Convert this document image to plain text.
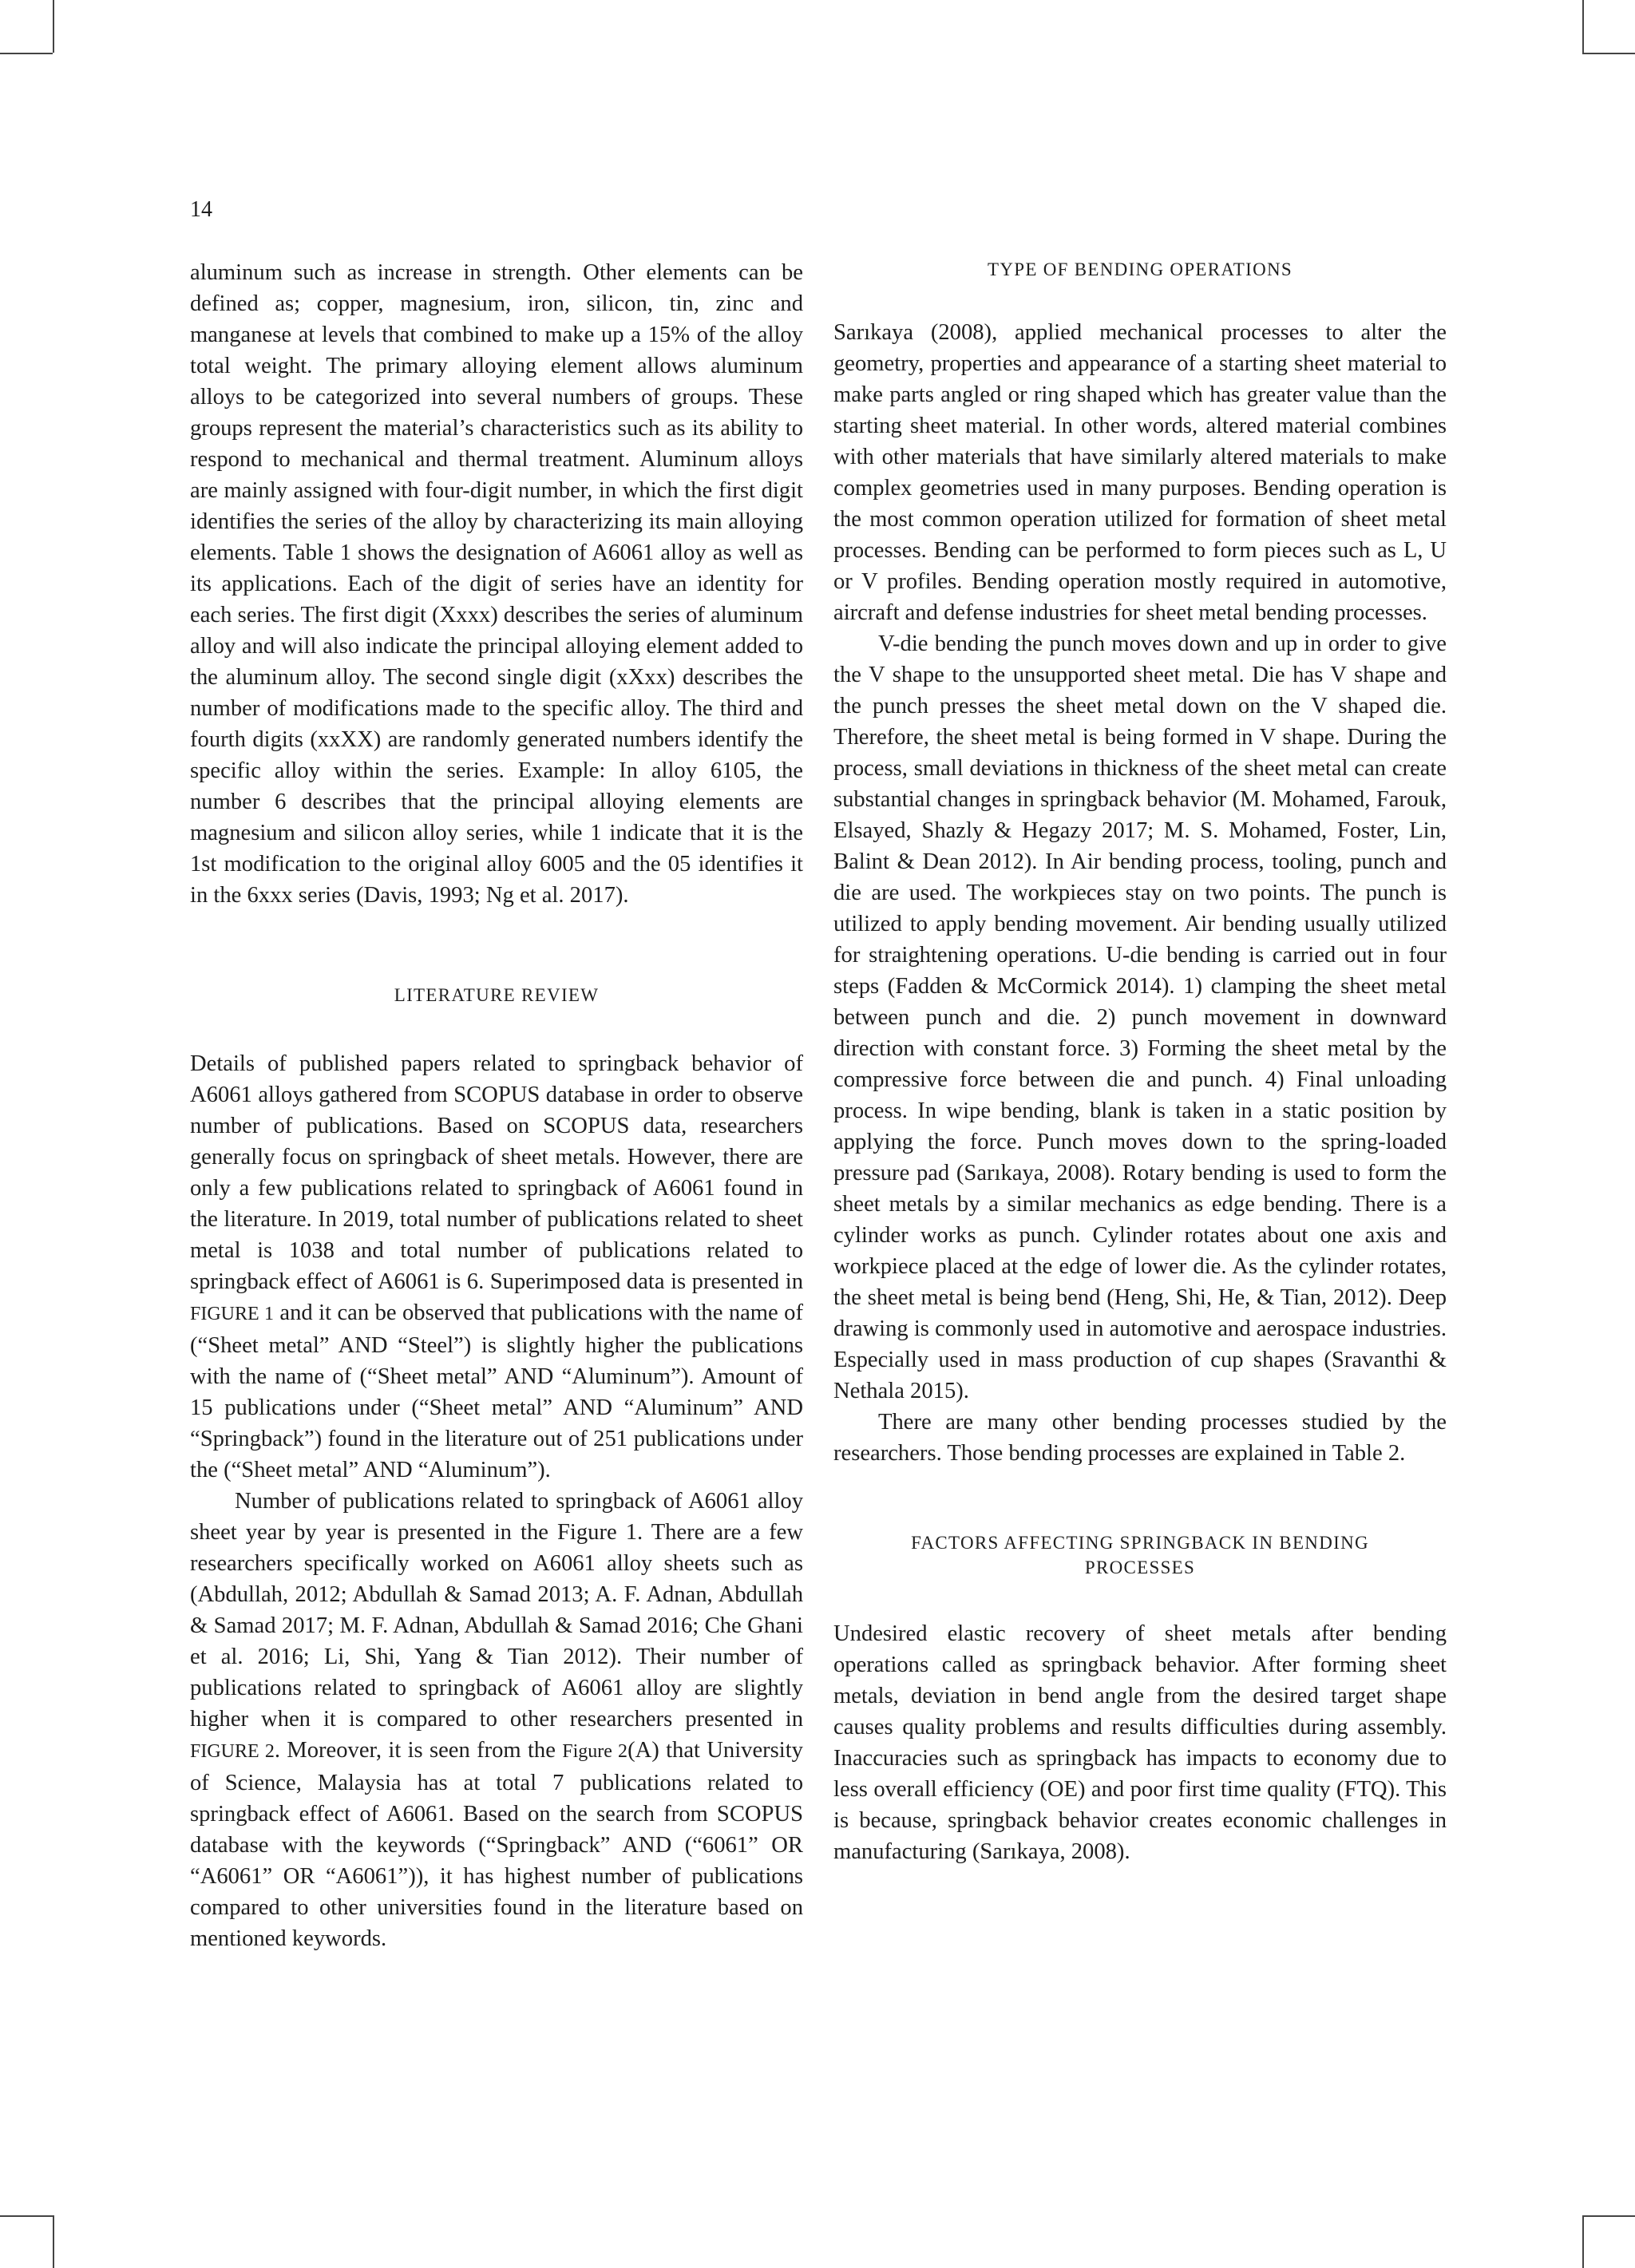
14

aluminum such as increase in strength. Other elements can be defined as; copper, magnesium, iron, silicon, tin, zinc and manganese at levels that combined to make up a 15% of the alloy total weight. The primary alloying element allows aluminum alloys to be categorized into several numbers of groups. These groups represent the material’s characteristics such as its ability to respond to mechanical and thermal treatment. Aluminum alloys are mainly assigned with four-digit number, in which the first digit identifies the series of the alloy by characterizing its main alloying elements. Table 1 shows the designation of A6061 alloy as well as its applications. Each of the digit of series have an identity for each series. The first digit (Xxxx) describes the series of aluminum alloy and will also indicate the principal alloying element added to the aluminum alloy. The second single digit (xXxx) describes the number of modifications made to the specific alloy. The third and fourth digits (xxXX) are randomly generated numbers identify the specific alloy within the series. Example: In alloy 6105, the number 6 describes that the principal alloying elements are magnesium and silicon alloy series, while 1 indicate that it is the 1st modification to the original alloy 6005 and the 05 identifies it in the 6xxx series (Davis, 1993; Ng et al. 2017).

LITERATURE REVIEW

Details of published papers related to springback behavior of A6061 alloys gathered from SCOPUS database in order to observe number of publications. Based on SCOPUS data, researchers generally focus on springback of sheet metals. However, there are only a few publications related to springback of A6061 found in the literature. In 2019, total number of publications related to sheet metal is 1038 and total number of publications related to springback effect of A6061 is 6. Superimposed data is presented in FIGURE 1 and it can be observed that publications with the name of (“Sheet metal” AND “Steel”) is slightly higher the publications with the name of (“Sheet metal” AND “Aluminum”). Amount of 15 publications under (“Sheet metal” AND “Aluminum” AND “Springback”) found in the literature out of 251 publications under the (“Sheet metal” AND “Aluminum”).

Number of publications related to springback of A6061 alloy sheet year by year is presented in the Figure 1. There are a few researchers specifically worked on A6061 alloy sheets such as (Abdullah, 2012; Abdullah & Samad 2013; A. F. Adnan, Abdullah & Samad 2017; M. F. Adnan, Abdullah & Samad 2016; Che Ghani et al. 2016; Li, Shi, Yang & Tian 2012). Their number of publications related to springback of A6061 alloy are slightly higher when it is compared to other researchers presented in FIGURE 2. Moreover, it is seen from the Figure 2(A) that University of Science, Malaysia has at total 7 publications related to springback effect of A6061. Based on the search from SCOPUS database with the keywords (“Springback” AND (“6061” OR “A6061” OR “A6061”)), it has highest number of publications compared to other universities found in the literature based on mentioned keywords.

TYPE OF BENDING OPERATIONS

Sarıkaya (2008), applied mechanical processes to alter the geometry, properties and appearance of a starting sheet material to make parts angled or ring shaped which has greater value than the starting sheet material. In other words, altered material combines with other materials that have similarly altered materials to make complex geometries used in many purposes. Bending operation is the most common operation utilized for formation of sheet metal processes. Bending can be performed to form pieces such as L, U or V profiles. Bending operation mostly required in automotive, aircraft and defense industries for sheet metal bending processes.

V-die bending the punch moves down and up in order to give the V shape to the unsupported sheet metal. Die has V shape and the punch presses the sheet metal down on the V shaped die. Therefore, the sheet metal is being formed in V shape. During the process, small deviations in thickness of the sheet metal can create substantial changes in springback behavior (M. Mohamed, Farouk, Elsayed, Shazly & Hegazy 2017; M. S. Mohamed, Foster, Lin, Balint & Dean 2012). In Air bending process, tooling, punch and die are used. The workpieces stay on two points. The punch is utilized to apply bending movement. Air bending usually utilized for straightening operations. U-die bending is carried out in four steps (Fadden & McCormick 2014). 1) clamping the sheet metal between punch and die. 2) punch movement in downward direction with constant force. 3) Forming the sheet metal by the compressive force between die and punch. 4) Final unloading process. In wipe bending, blank is taken in a static position by applying the force. Punch moves down to the spring-loaded pressure pad (Sarıkaya, 2008). Rotary bending is used to form the sheet metals by a similar mechanics as edge bending. There is a cylinder works as punch. Cylinder rotates about one axis and workpiece placed at the edge of lower die. As the cylinder rotates, the sheet metal is being bend (Heng, Shi, He, & Tian, 2012). Deep drawing is commonly used in automotive and aerospace industries. Especially used in mass production of cup shapes (Sravanthi & Nethala 2015).

There are many other bending processes studied by the researchers. Those bending processes are explained in Table 2.

FACTORS AFFECTING SPRINGBACK IN BENDING
PROCESSES

Undesired elastic recovery of sheet metals after bending operations called as springback behavior. After forming sheet metals, deviation in bend angle from the desired target shape causes quality problems and results difficulties during assembly. Inaccuracies such as springback has impacts to economy due to less overall efficiency (OE) and poor first time quality (FTQ). This is because, springback behavior creates economic challenges in manufacturing (Sarıkaya, 2008).
